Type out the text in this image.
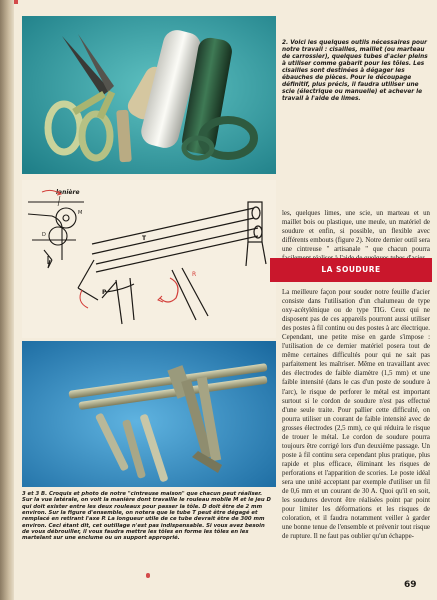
2. Voici les quelques outils nécessaires pour notre travail : cisailles, maillet (ou marteau de carrossier), quelques tubes d'acier pleins à utiliser comme gabarit pour les tôles. Les cisailles sont destinées à dégager les ébauches de pièces. Pour le découpage définitif, plus précis, il faudra utiliser une scie (électrique ou manuelle) et achever le travail à l'aide de limes.
lanière
M
D
P
T
R
3 et 3 B. Croquis et photo de notre "cintreuse maison" que chacun peut réaliser. Sur la vue latérale, on voit la manière dont travaille le rouleau mobile M et le jeu D qui doit exister entre les deux rouleaux pour passer la tôle. D doit être de 2 mm environ. Sur la figure d'ensemble, on notera que le tube T peut être dégagé et remplacé en retirant l'axe P. La longueur utile de ce tube devrait être de 300 mm environ. Ceci étant dit, cet outillage n'est pas indispensable. Si vous avez besoin de vous débrouiller, il vous faudra mettre les tôles en forme les tôles en les martelant sur une enclume ou un support approprié.
les, quelques limes, une scie, un marteau et un maillet bois ou plastique, une meule, un matériel de soudure et enfin, si possible, un flexible avec différents embouts (figure 2). Notre dernier outil sera une cintreuse " artisanale " que chacun pourra
LA SOUDURE
La meilleure façon pour souder notre feuille d'acier consiste dans l'utilisation d'un chalumeau de type oxy-acétylénique ou de type TIG. Ceux qui ne disposent pas de ces appareils pourront aussi utiliser des postes à fil continu ou des postes à arc électrique. Cependant, une petite mise en garde s'impose : l'utilisation de ce dernier matériel posera tout de même certaines difficultés pour qui ne sait pas parfaitement les maîtriser. Même en travaillant avec des électrodes de faible diamètre (1,5 mm) et une faible intensité (dans le cas d'un poste de soudure à l'arc), le risque de perforer le métal est important surtout si le cordon de soudure n'est pas effectué d'une seule traite. Pour pallier cette difficulté, on pourra utiliser un courant de faible intensité avec de grosses électrodes (2,5 mm), ce qui réduira le risque de trouer le métal. Le cordon de soudure pourra toujours être corrigé lors d'un deuxième passage. Un poste à fil continu sera cependant plus pratique, plus rapide et plus efficace, éliminant les risques de perforations et l'apparition de scories. Le poste idéal sera une unité acceptant par exemple d'utiliser un fil de 0,6 mm et un courant de 30 A. Quoi qu'il en soit, les soudures devront être réalisées point par point pour limiter les déformations et les risques de coloration, et il faudra notamment veiller à garder une bonne tenue de l'ensemble et prévenir tout risque de rupture. Il ne faut pas oublier qu'un échappe-
69
